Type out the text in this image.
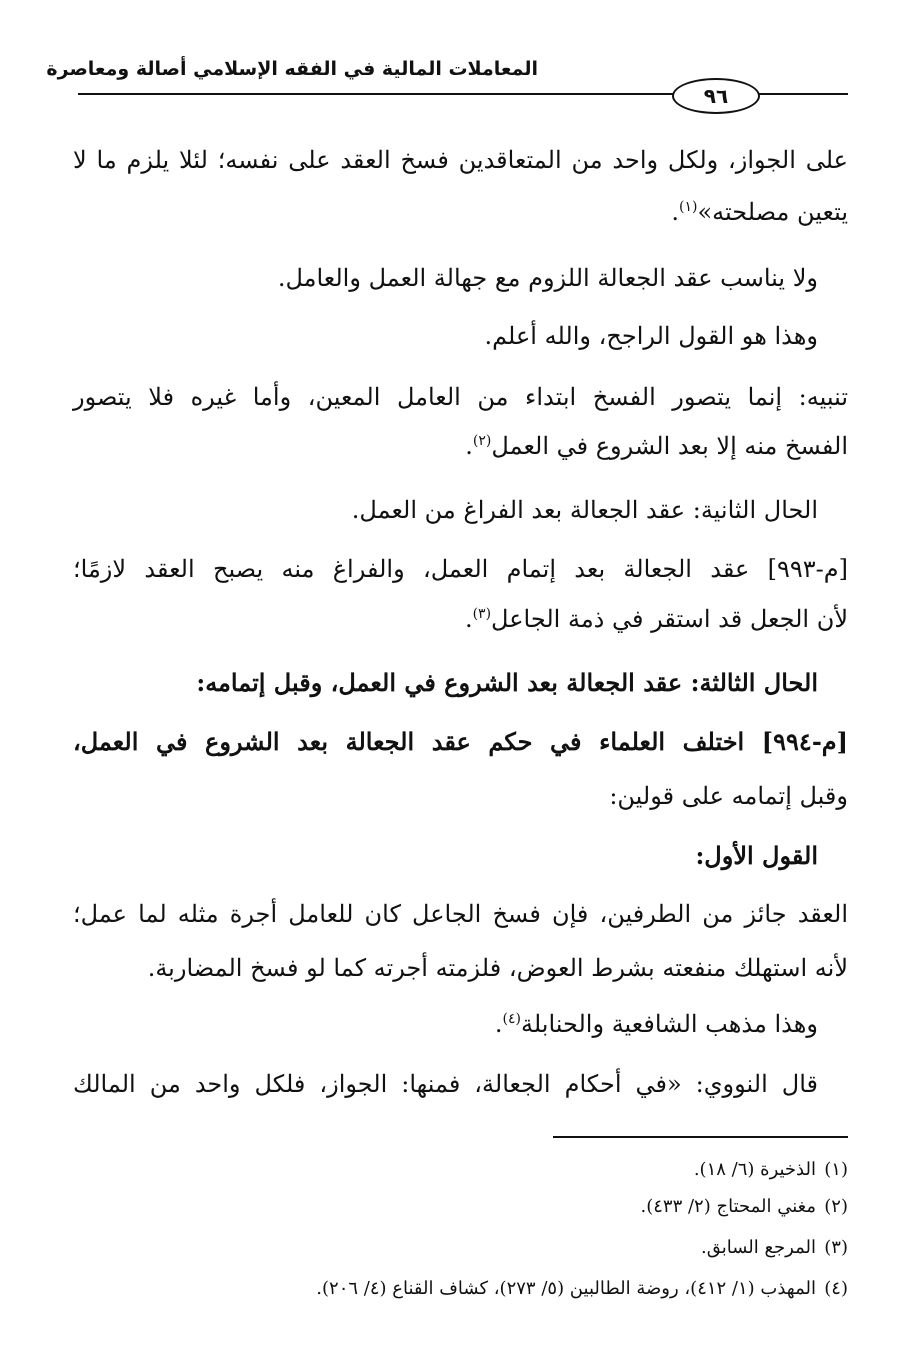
المعاملات المالية في الفقه الإسلامي أصالة ومعاصرة
٩٦
على الجواز، ولكل واحد من المتعاقدين فسخ العقد على نفسه؛ لئلا يلزم ما لا
يتعين مصلحته»$^{(١)}$.
ولا يناسب عقد الجعالة اللزوم مع جهالة العمل والعامل.
وهذا هو القول الراجح، والله أعلم.
تنبيه: إنما يتصور الفسخ ابتداء من العامل المعين، وأما غيره فلا يتصور
الفسخ منه إلا بعد الشروع في العمل$^{(٢)}$.
الحال الثانية: عقد الجعالة بعد الفراغ من العمل.
[م-٩٩٣] عقد الجعالة بعد إتمام العمل، والفراغ منه يصبح العقد لازمًا؛
لأن الجعل قد استقر في ذمة الجاعل$^{(٣)}$.
الحال الثالثة: عقد الجعالة بعد الشروع في العمل، وقبل إتمامه:
[م-٩٩٤] اختلف العلماء في حكم عقد الجعالة بعد الشروع في العمل،
وقبل إتمامه على قولين:
القول الأول:
العقد جائز من الطرفين، فإن فسخ الجاعل كان للعامل أجرة مثله لما عمل؛
لأنه استهلك منفعته بشرط العوض، فلزمته أجرته كما لو فسخ المضاربة.
وهذا مذهب الشافعية والحنابلة$^{(٤)}$.
قال النووي: «في أحكام الجعالة، فمنها: الجواز، فلكل واحد من المالك
(١)الذخيرة (٦/ ١٨).
(٢)مغني المحتاج (٢/ ٤٣٣).
(٣)المرجع السابق.
(٤)المهذب (١/ ٤١٢)، روضة الطالبين (٥/ ٢٧٣)، كشاف القناع (٤/ ٢٠٦).
